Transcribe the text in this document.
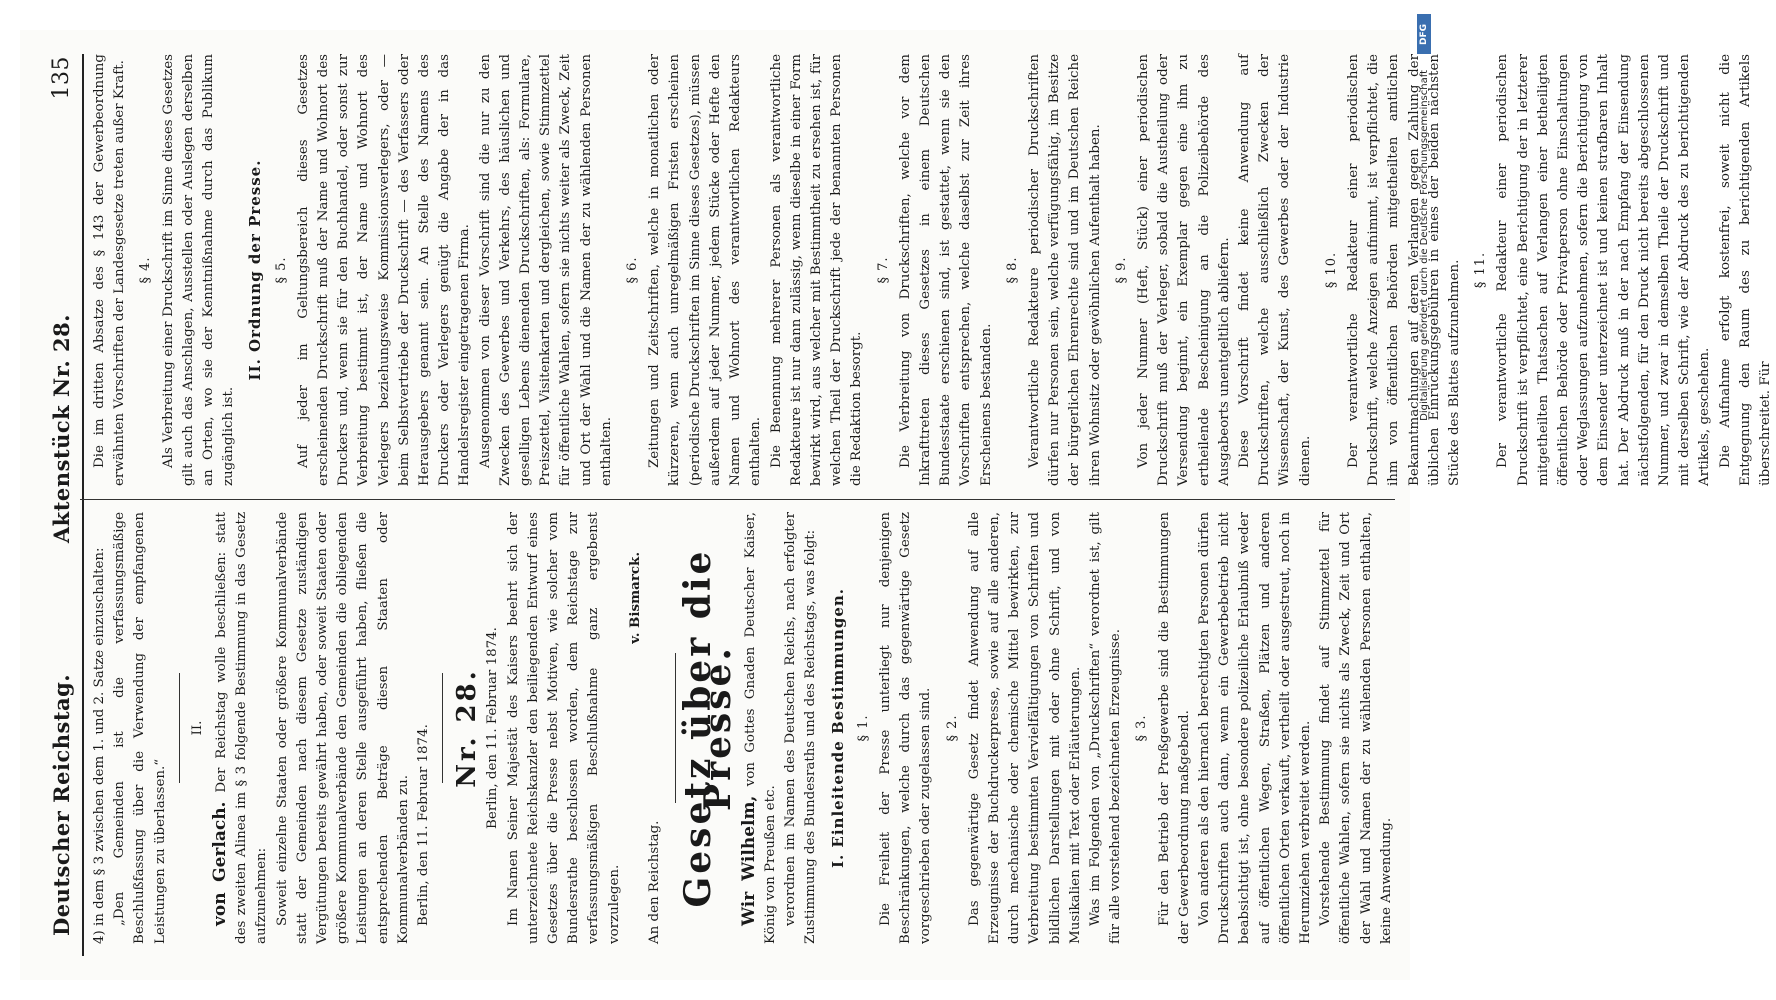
Deutscher Reichstag.
Aktenstück Nr. 28.
135

4) in dem § 3 zwischen dem 1. und 2. Satze einzuschalten: „Den Gemeinden ist die verfassungsmäßige Beschlußfassung über die Verwendung der empfangenen Leistungen zu überlassen.“

II.

von Gerlach. Der Reichstag wolle beschließen: statt des zweiten Alinea im § 3 folgende Bestimmung in das Gesetz aufzunehmen: Soweit einzelne Staaten oder größere Kommunalverbände statt der Gemeinden nach diesem Gesetze zuständigen Vergütungen bereits gewährt haben, oder soweit Staaten oder größere Kommunalverbände den Gemeinden die obliegenden Leistungen an deren Stelle ausgeführt haben, fließen die entsprechenden Beträge diesen Staaten oder Kommunalverbänden zu. Berlin, den 11. Februar 1874. Nr. 28. Berlin, den 11. Februar 1874. Im Namen Seiner Majestät des Kaisers beehrt sich der unterzeichnete Reichskanzler den beiliegenden Entwurf eines Gesetzes über die Presse nebst Motiven, wie solcher vom Bundesrathe beschlossen worden, dem Reichstage zur verfassungsmäßigen Beschlußnahme ganz ergebenst vorzulegen.

v. Bismarck.

An den Reichstag. Gesetz über die Presse.

Wir Wilhelm, von Gottes Gnaden Deutscher Kaiser, König von Preußen etc. verordnen im Namen des Deutschen Reichs, nach erfolgter Zustimmung des Bundesraths und des Reichstags, was folgt: I. Einleitende Bestimmungen. § 1. Die Freiheit der Presse unterliegt nur denjenigen Beschränkungen, welche durch das gegenwärtige Gesetz vorgeschrieben oder zugelassen sind. § 2. Das gegenwärtige Gesetz findet Anwendung auf alle Erzeugnisse der Buchdruckerpresse, sowie auf alle anderen, durch mechanische oder chemische Mittel bewirkten, zur Verbreitung bestimmten Vervielfältigungen von Schriften und bildlichen Darstellungen mit oder ohne Schrift, und von Musikalien mit Text oder Erläuterungen. Was im Folgenden von „Druckschriften“ verordnet ist, gilt für alle vorstehend bezeichneten Erzeugnisse. § 3. Für den Betrieb der Preßgewerbe sind die Bestimmungen der Gewerbeordnung maßgebend. Von anderen als den hiernach berechtigten Personen dürfen Druckschriften auch dann, wenn ein Gewerbebetrieb nicht beabsichtigt ist, ohne besondere polizeiliche Erlaubniß weder auf öffentlichen Wegen, Straßen, Plätzen und anderen öffentlichen Orten verkauft, vertheilt oder ausgestreut, noch in Herumziehen verbreitet werden. Vorstehende Bestimmung findet auf Stimmzettel für öffentliche Wahlen, sofern sie nichts als Zweck, Zeit und Ort der Wahl und Namen der zu wählenden Personen enthalten, keine Anwendung.

Die im dritten Absatze des § 143 der Gewerbeordnung erwähnten Vorschriften der Landesgesetze treten außer Kraft. § 4. Als Verbreitung einer Druckschrift im Sinne dieses Gesetzes gilt auch das Anschlagen, Ausstellen oder Auslegen derselben an Orten, wo sie der Kenntnißnahme durch das Publikum zugänglich ist.

II. Ordnung der Presse. § 5. Auf jeder im Geltungsbereich dieses Gesetzes erscheinenden Druckschrift muß der Name und Wohnort des Druckers und, wenn sie für den Buchhandel, oder sonst zur Verbreitung bestimmt ist, der Name und Wohnort des Verlegers beziehungsweise Kommissionsverlegers, oder — beim Selbstvertriebe der Druckschrift — des Verfassers oder Herausgebers genannt sein. An Stelle des Namens des Druckers oder Verlegers genügt die Angabe der in das Handelsregister eingetragenen Firma. Ausgenommen von dieser Vorschrift sind die nur zu den Zwecken des Gewerbes und Verkehrs, des häuslichen und geselligen Lebens dienenden Druckschriften, als: Formulare, Preiszettel, Visitenkarten und dergleichen, sowie Stimmzettel für öffentliche Wahlen, sofern sie nichts weiter als Zweck, Zeit und Ort der Wahl und die Namen der zu wählenden Personen enthalten.

§ 6. Zeitungen und Zeitschriften, welche in monatlichen oder kürzeren, wenn auch unregelmäßigen Fristen erscheinen (periodische Druckschriften im Sinne dieses Gesetzes), müssen außerdem auf jeder Nummer, jedem Stücke oder Hefte den Namen und Wohnort des verantwortlichen Redakteurs enthalten. Die Benennung mehrerer Personen als verantwortliche Redakteure ist nur dann zulässig, wenn dieselbe in einer Form bewirkt wird, aus welcher mit Bestimmtheit zu ersehen ist, für welchen Theil der Druckschrift jede der benannten Personen die Redaktion besorgt.

§ 7. Die Verbreitung von Druckschriften, welche vor dem Inkrafttreten dieses Gesetzes in einem Deutschen Bundesstaate erschienen sind, ist gestattet, wenn sie den Vorschriften entsprechen, welche daselbst zur Zeit ihres Erscheinens bestanden.

§ 8. Verantwortliche Redakteure periodischer Druckschriften dürfen nur Personen sein, welche verfügungsfähig, im Besitze der bürgerlichen Ehrenrechte sind und im Deutschen Reiche ihren Wohnsitz oder gewöhnlichen Aufenthalt haben. § 9. Von jeder Nummer (Heft, Stück) einer periodischen Druckschrift muß der Verleger, sobald die Austheilung oder Versendung beginnt, ein Exemplar gegen eine ihm zu ertheilende Bescheinigung an die Polizeibehörde des Ausgabeorts unentgeltlich abliefern. Diese Vorschrift findet keine Anwendung auf Druckschriften, welche ausschließlich Zwecken der Wissenschaft, der Kunst, des Gewerbes oder der Industrie dienen.

§ 10. Der verantwortliche Redakteur einer periodischen Druckschrift, welche Anzeigen aufnimmt, ist verpflichtet, die ihm von öffentlichen Behörden mitgetheilten amtlichen Bekanntmachungen auf deren Verlangen gegen Zahlung der üblichen Einrückungsgebühren in eines der beiden nächsten Stücke des Blattes aufzunehmen. § 11. Der verantwortliche Redakteur einer periodischen Druckschrift ist verpflichtet, eine Berichtigung der in letzterer mitgetheilten Thatsachen auf Verlangen einer betheiligten öffentlichen Behörde oder Privatperson ohne Einschaltungen oder Weglassungen aufzunehmen, sofern die Berichtigung von dem Einsender unterzeichnet ist und keinen strafbaren Inhalt hat. Der Abdruck muß in der nach Empfang der Einsendung nächstfolgenden, für den Druck nicht bereits abgeschlossenen Nummer, und zwar in demselben Theile der Druckschrift und mit derselben Schrift, wie der Abdruck des zu berichtigenden Artikels, geschehen. Die Aufnahme erfolgt kostenfrei, soweit nicht die Entgegnung den Raum des zu berichtigenden Artikels überschreitet. Für

DFG
Digitalisierung gefördert durch die Deutsche Forschungsgemeinschaft
